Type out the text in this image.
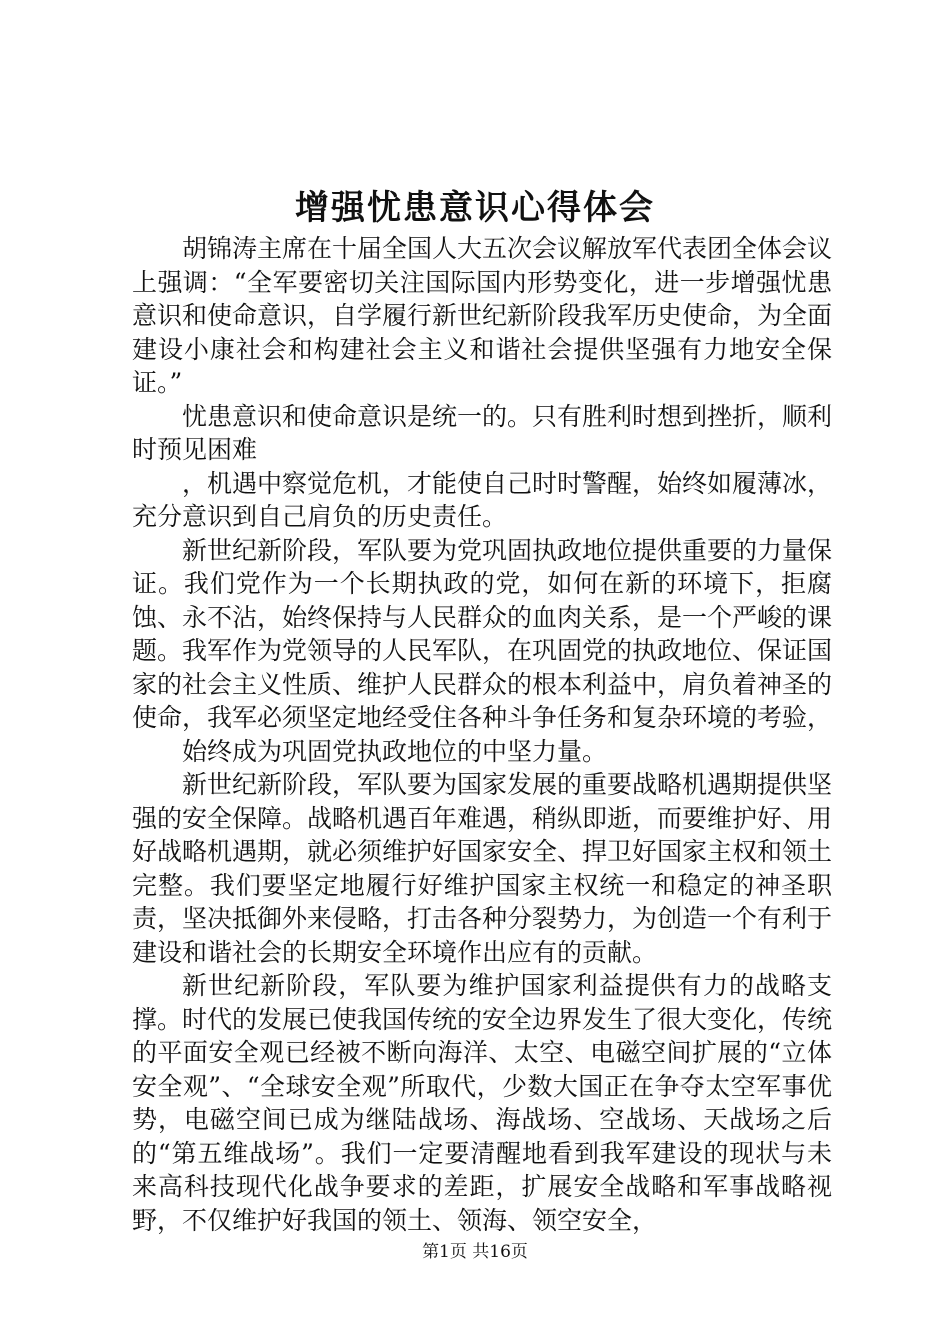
增强忧患意识心得体会

胡锦涛主席在十届全国人大五次会议解放军代表团全体会议上强调：“全军要密切关注国际国内形势变化，进一步增强忧患意识和使命意识，自学履行新世纪新阶段我军历史使命，为全面建设小康社会和构建社会主义和谐社会提供坚强有力地安全保证。”

忧患意识和使命意识是统一的。只有胜利时想到挫折，顺利时预见困难

，机遇中察觉危机，才能使自己时时警醒，始终如履薄冰，充分意识到自己肩负的历史责任。

新世纪新阶段，军队要为党巩固执政地位提供重要的力量保证。我们党作为一个长期执政的党，如何在新的环境下，拒腐蚀、永不沾，始终保持与人民群众的血肉关系，是一个严峻的课题。我军作为党领导的人民军队，在巩固党的执政地位、保证国家的社会主义性质、维护人民群众的根本利益中，肩负着神圣的使命，我军必须坚定地经受住各种斗争任务和复杂环境的考验，

始终成为巩固党执政地位的中坚力量。

新世纪新阶段，军队要为国家发展的重要战略机遇期提供坚强的安全保障。战略机遇百年难遇，稍纵即逝，而要维护好、用好战略机遇期，就必须维护好国家安全、捍卫好国家主权和领土完整。我们要坚定地履行好维护国家主权统一和稳定的神圣职责，坚决抵御外来侵略，打击各种分裂势力，为创造一个有利于建设和谐社会的长期安全环境作出应有的贡献。

新世纪新阶段，军队要为维护国家利益提供有力的战略支撑。时代的发展已使我国传统的安全边界发生了很大变化，传统的平面安全观已经被不断向海洋、太空、电磁空间扩展的“立体安全观”、“全球安全观”所取代，少数大国正在争夺太空军事优势，电磁空间已成为继陆战场、海战场、空战场、天战场之后的“第五维战场”。我们一定要清醒地看到我军建设的现状与未来高科技现代化战争要求的差距，扩展安全战略和军事战略视野，不仅维护好我国的领土、领海、领空安全，

第1页 共16页
